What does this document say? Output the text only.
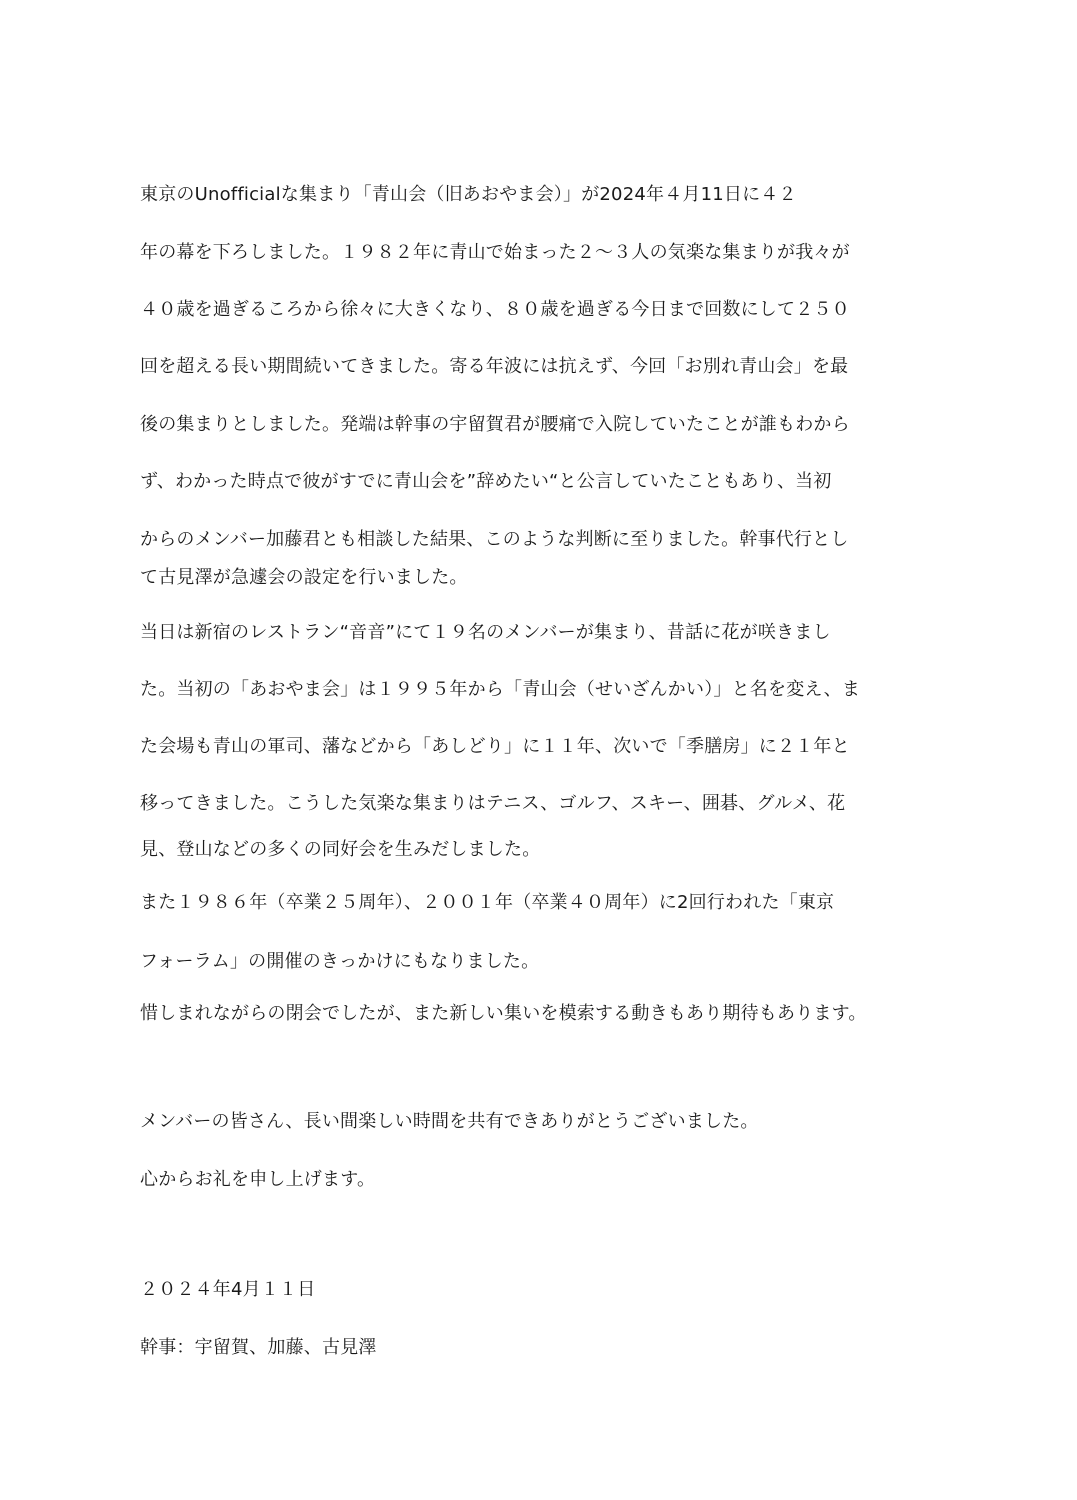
東京のUnofficialな集まり「青山会（旧あおやま会）」が2024年４月11日に４２
年の幕を下ろしました。１９８２年に青山で始まった２～３人の気楽な集まりが我々が
４０歳を過ぎるころから徐々に大きくなり、８０歳を過ぎる今日まで回数にして２５０
回を超える長い期間続いてきました。寄る年波には抗えず、今回「お別れ青山会」を最
後の集まりとしました。発端は幹事の宇留賀君が腰痛で入院していたことが誰もわから
ず、わかった時点で彼がすでに青山会を”辞めたい“と公言していたこともあり、当初
からのメンバー加藤君とも相談した結果、このような判断に至りました。幹事代行とし
て古見澤が急遽会の設定を行いました。
当日は新宿のレストラン“音音”にて１９名のメンバーが集まり、昔話に花が咲きまし
た。当初の「あおやま会」は１９９５年から「青山会（せいざんかい）」と名を変え、ま
た会場も青山の軍司、藩などから「あしどり」に１１年、次いで「季膳房」に２１年と
移ってきました。こうした気楽な集まりはテニス、ゴルフ、スキー、囲碁、グルメ、花
見、登山などの多くの同好会を生みだしました。
また１９８６年（卒業２５周年）、２００１年（卒業４０周年）に2回行われた「東京
フォーラム」の開催のきっかけにもなりました。
惜しまれながらの閉会でしたが、また新しい集いを模索する動きもあり期待もあります。
メンバーの皆さん、長い間楽しい時間を共有できありがとうございました。
心からお礼を申し上げます。
２０２４年4月１１日
幹事：宇留賀、加藤、古見澤
